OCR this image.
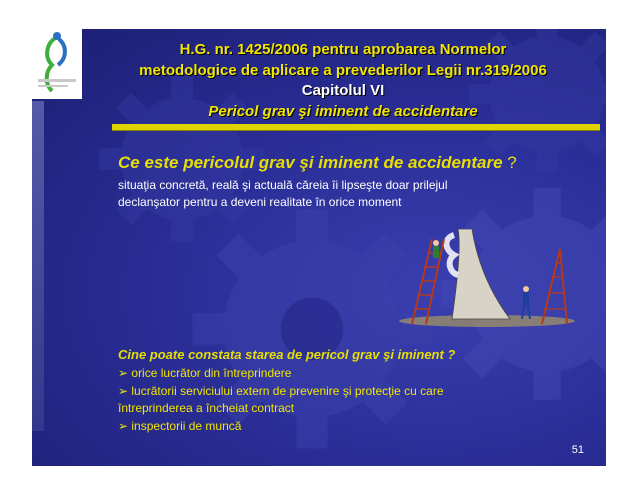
H.G. nr. 1425/2006 pentru aprobarea Normelor
metodologice de aplicare a prevederilor Legii nr.319/2006
Capitolul VI
Pericol grav şi iminent de accidentare
Ce este pericolul grav şi iminent de accidentare ?
situaţia concretă, reală şi actuală căreia îi lipseşte doar prilejul
declanşator pentru a deveni realitate în orice moment
Cine poate constata starea de pericol grav şi iminent ?
➢ orice lucrător din întreprindere
➢ lucrătorii serviciului extern de prevenire şi protecţie cu care
întreprinderea a încheiat contract
➢ inspectorii de muncă
51
